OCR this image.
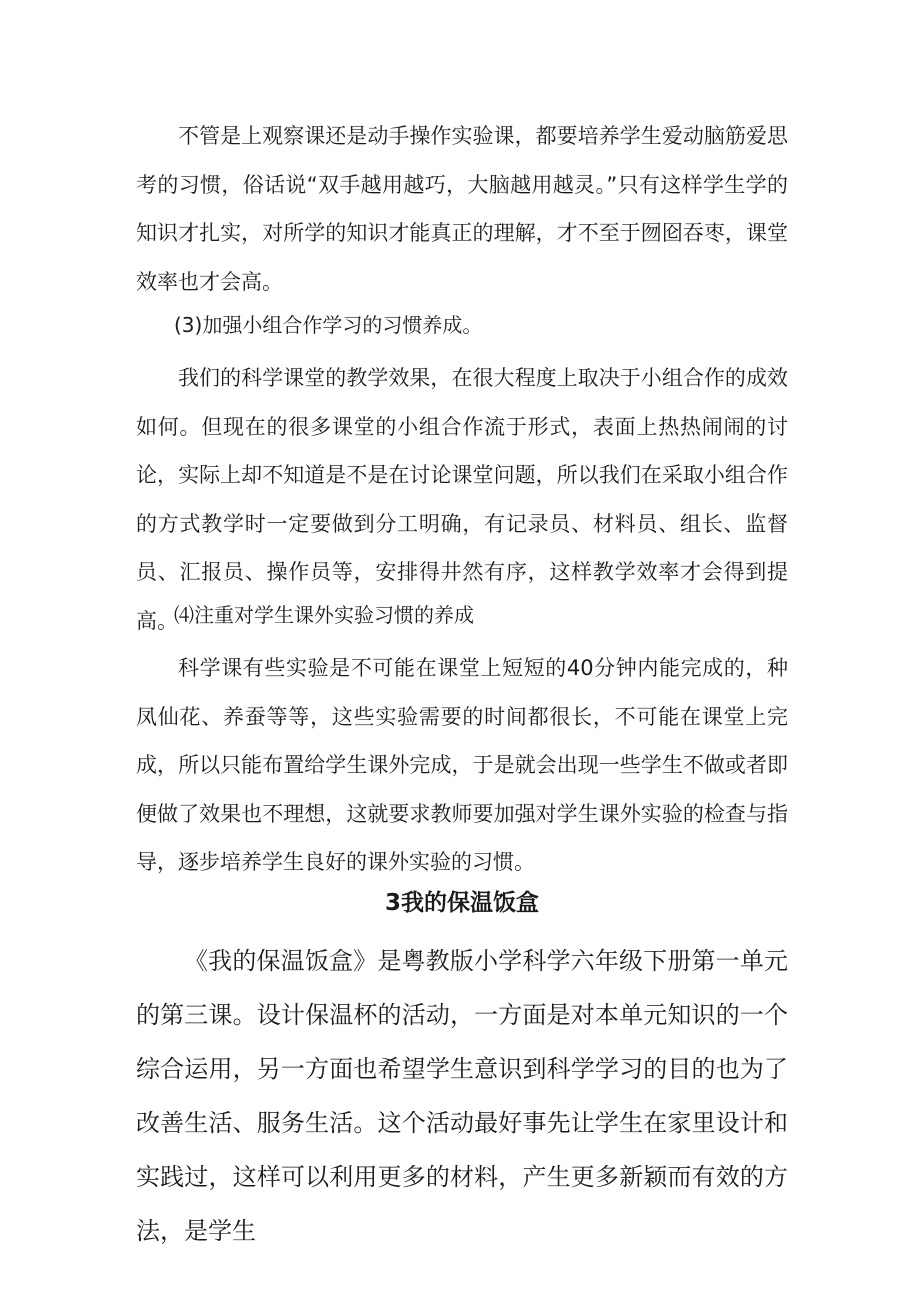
不管是上观察课还是动手操作实验课，都要培养学生爱动脑筋爱思考的习惯，俗话说“双手越用越巧，大脑越用越灵。”只有这样学生学的知识才扎实，对所学的知识才能真正的理解，才不至于囫囵吞枣，课堂效率也才会高。

(3)加强小组合作学习的习惯养成。

我们的科学课堂的教学效果，在很大程度上取决于小组合作的成效如何。但现在的很多课堂的小组合作流于形式，表面上热热闹闹的讨论，实际上却不知道是不是在讨论课堂问题，所以我们在采取小组合作的方式教学时一定要做到分工明确，有记录员、材料员、组长、监督员、汇报员、操作员等，安排得井然有序，这样教学效率才会得到提高。

⑷注重对学生课外实验习惯的养成

科学课有些实验是不可能在课堂上短短的40分钟内能完成的，种凤仙花、养蚕等等，这些实验需要的时间都很长，不可能在课堂上完成，所以只能布置给学生课外完成，于是就会出现一些学生不做或者即便做了效果也不理想，这就要求教师要加强对学生课外实验的检查与指导，逐步培养学生良好的课外实验的习惯。

3我的保温饭盒

《我的保温饭盒》是粤教版小学科学六年级下册第一单元的第三课。设计保温杯的活动，一方面是对本单元知识的一个综合运用，另一方面也希望学生意识到科学学习的目的也为了改善生活、服务生活。这个活动最好事先让学生在家里设计和实践过，这样可以利用更多的材料，产生更多新颖而有效的方法，是学生
